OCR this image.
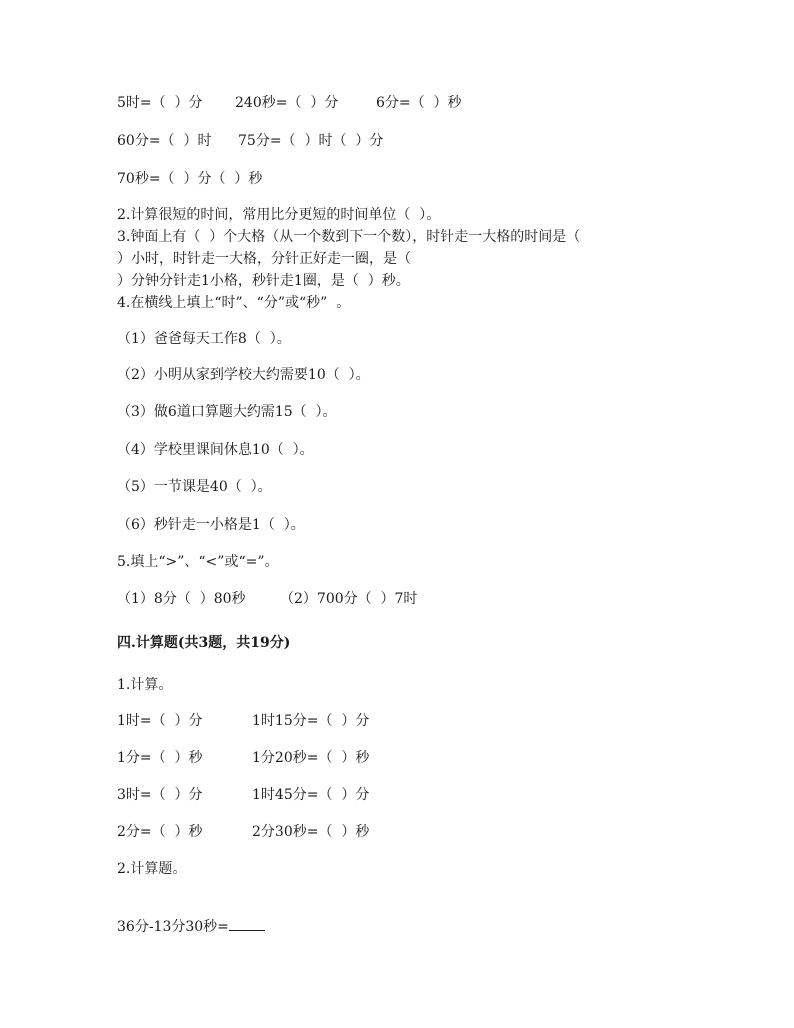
5时=（  ）分 240秒=（  ）分	6分=（  ）秒
60分=（  ）时 75分=（  ）时（  ）分
70秒=（  ）分（  ）秒
2.计算很短的时间，常用比分更短的时间单位（  ）。
3.钟面上有（  ）个大格（从一个数到下一个数），时针走一大格的时间是（
）小时，时针走一大格，分针正好走一圈，是（
）分钟分针走1小格，秒针走1圈，是（  ）秒。
4.在横线上填上“时”、“分”或“秒”  。
（1）爸爸每天工作8（  ）。
（2）小明从家到学校大约需要10（  ）。
（3）做6道口算题大约需15（  ）。
（4）学校里课间休息10（  ）。
（5）一节课是40（  ）。
（6）秒针走一小格是1（  ）。
5.填上“>”、“<”或“=”。
（1）8分（  ）80秒 （2）700分（  ）7时
四.计算题(共3题，共19分)
1.计算。
1时=（  ）分	1时15分=（  ）分
1分=（  ）秒	1分20秒=（  ）秒
3时=（  ）分	1时45分=（  ）分
2分=（  ）秒	2分30秒=（  ）秒
2.计算题。
36分-13分30秒=
